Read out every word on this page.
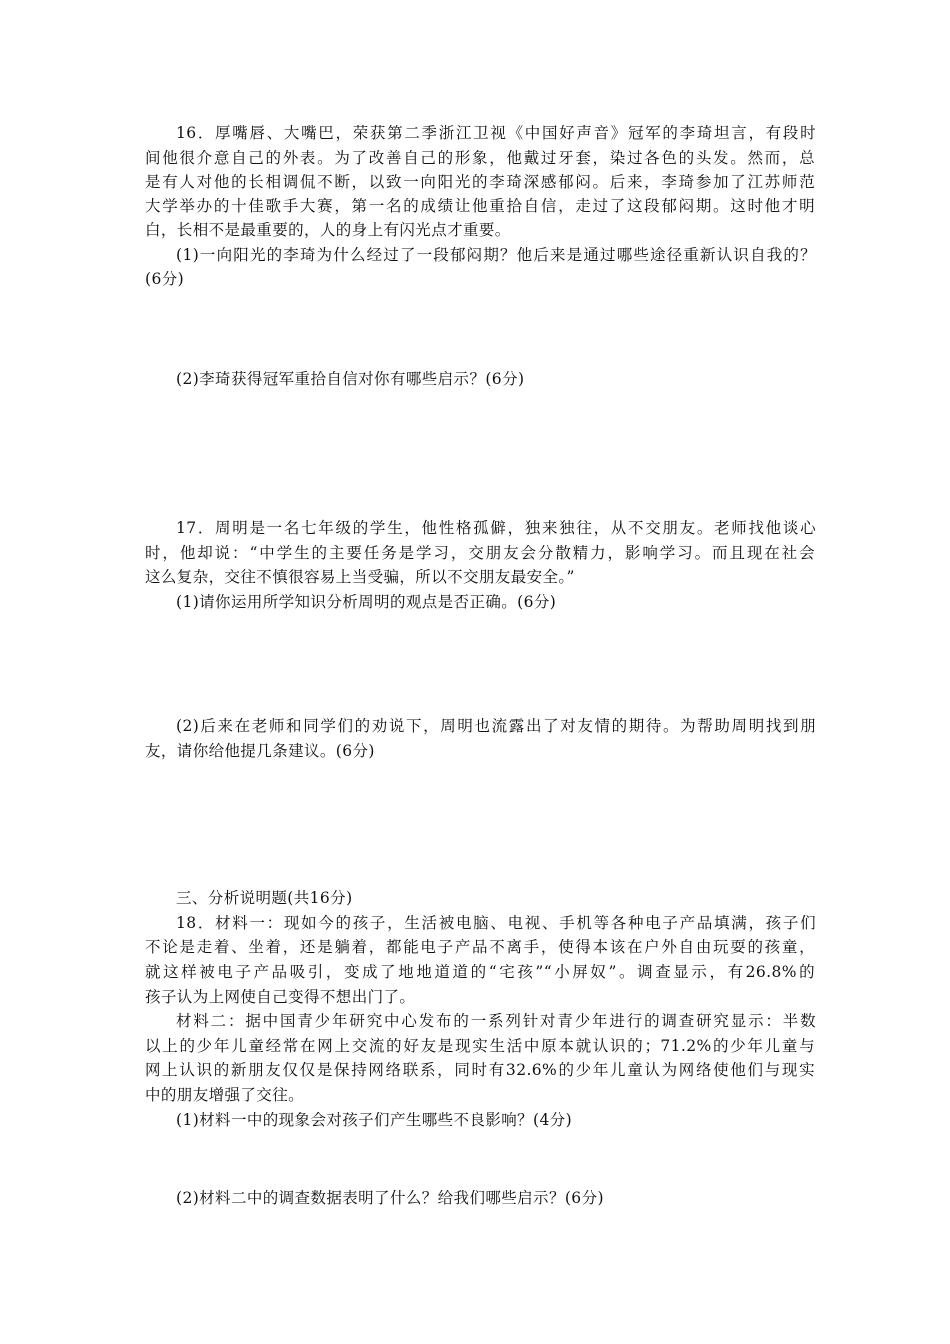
16．厚嘴唇、大嘴巴，荣获第二季浙江卫视《中国好声音》冠军的李琦坦言，有段时
间他很介意自己的外表。为了改善自己的形象，他戴过牙套，染过各色的头发。然而，总
是有人对他的长相调侃不断，以致一向阳光的李琦深感郁闷。后来，李琦参加了江苏师范
大学举办的十佳歌手大赛，第一名的成绩让他重拾自信，走过了这段郁闷期。这时他才明
白，长相不是最重要的，人的身上有闪光点才重要。
(1)一向阳光的李琦为什么经过了一段郁闷期？他后来是通过哪些途径重新认识自我的？
(6分)
(2)李琦获得冠军重拾自信对你有哪些启示？(6分)
17．周明是一名七年级的学生，他性格孤僻，独来独往，从不交朋友。老师找他谈心
时，他却说：“中学生的主要任务是学习，交朋友会分散精力，影响学习。而且现在社会
这么复杂，交往不慎很容易上当受骗，所以不交朋友最安全。”
(1)请你运用所学知识分析周明的观点是否正确。(6分)
(2)后来在老师和同学们的劝说下，周明也流露出了对友情的期待。为帮助周明找到朋
友，请你给他提几条建议。(6分)
三、分析说明题(共16分)
18．材料一：现如今的孩子，生活被电脑、电视、手机等各种电子产品填满，孩子们
不论是走着、坐着，还是躺着，都能电子产品不离手，使得本该在户外自由玩耍的孩童，
就这样被电子产品吸引，变成了地地道道的“宅孩”“小屏奴”。调查显示，有26.8%的
孩子认为上网使自己变得不想出门了。
材料二：据中国青少年研究中心发布的一系列针对青少年进行的调查研究显示：半数
以上的少年儿童经常在网上交流的好友是现实生活中原本就认识的；71.2%的少年儿童与
网上认识的新朋友仅仅是保持网络联系，同时有32.6%的少年儿童认为网络使他们与现实
中的朋友增强了交往。
(1)材料一中的现象会对孩子们产生哪些不良影响？(4分)
(2)材料二中的调查数据表明了什么？给我们哪些启示？(6分)
